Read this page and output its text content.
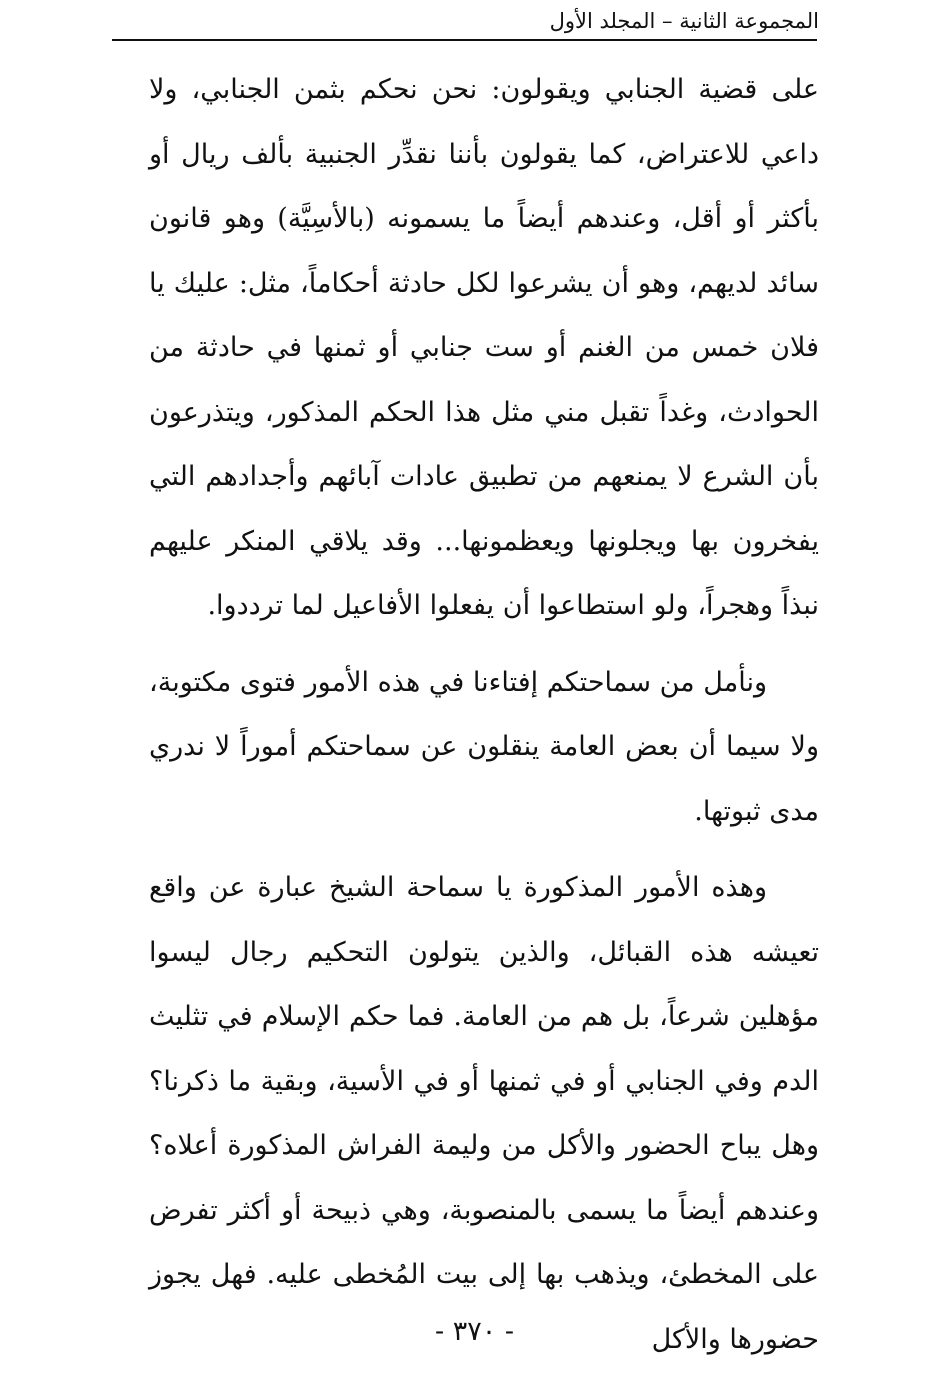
المجموعة الثانية – المجلد الأول

على قضية الجنابي ويقولون: نحن نحكم بثمن الجنابي، ولا داعي للاعتراض، كما يقولون بأننا نقدِّر الجنبية بألف ريال أو بأكثر أو أقل، وعندهم أيضاً ما يسمونه (بالأسِيَّة) وهو قانون سائد لديهم، وهو أن يشرعوا لكل حادثة أحكاماً، مثل: عليك يا فلان خمس من الغنم أو ست جنابي أو ثمنها في حادثة من الحوادث، وغداً تقبل مني مثل هذا الحكم المذكور، ويتذرعون بأن الشرع لا يمنعهم من تطبيق عادات آبائهم وأجدادهم التي يفخرون بها ويجلونها ويعظمونها... وقد يلاقي المنكر عليهم نبذاً وهجراً، ولو استطاعوا أن يفعلوا الأفاعيل لما ترددوا.

ونأمل من سماحتكم إفتاءنا في هذه الأمور فتوى مكتوبة، ولا سيما أن بعض العامة ينقلون عن سماحتكم أموراً لا ندري مدى ثبوتها.

وهذه الأمور المذكورة يا سماحة الشيخ عبارة عن واقع تعيشه هذه القبائل، والذين يتولون التحكيم رجال ليسوا مؤهلين شرعاً، بل هم من العامة. فما حكم الإسلام في تثليث الدم وفي الجنابي أو في ثمنها أو في الأسية، وبقية ما ذكرنا؟ وهل يباح الحضور والأكل من وليمة الفراش المذكورة أعلاه؟ وعندهم أيضاً ما يسمى بالمنصوبة، وهي ذبيحة أو أكثر تفرض على المخطئ، ويذهب بها إلى بيت المُخطى عليه. فهل يجوز حضورها والأكل

- ٣٧٠ -
